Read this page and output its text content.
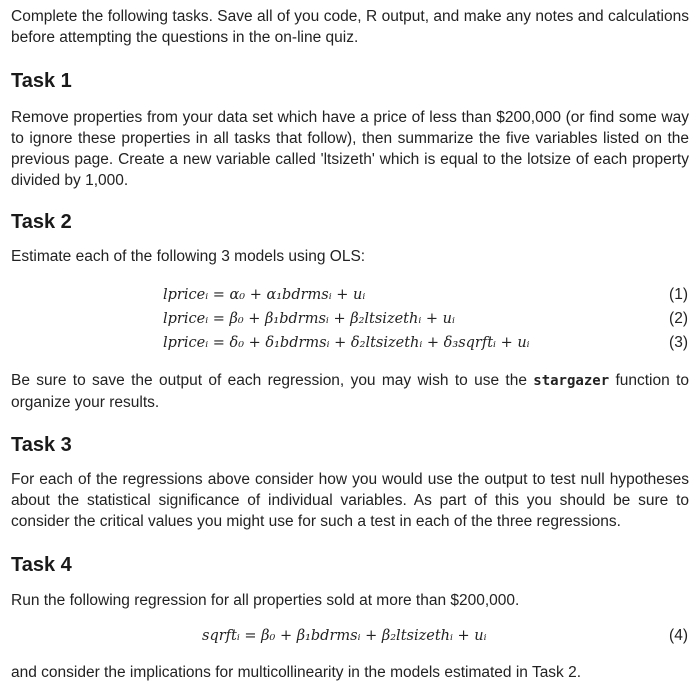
Complete the following tasks. Save all of you code, R output, and make any notes and calculations before attempting the questions in the on-line quiz.

Task 1

Remove properties from your data set which have a price of less than $200,000 (or find some way to ignore these properties in all tasks that follow), then summarize the five variables listed on the previous page. Create a new variable called 'ltsizeth' which is equal to the lotsize of each property divided by 1,000.

Task 2

Estimate each of the following 3 models using OLS:

lpriceᵢ = α₀ + α₁bdrmsᵢ + uᵢ	(1)
lpriceᵢ = β₀ + β₁bdrmsᵢ + β₂ltsizethᵢ + uᵢ	(2)
lpriceᵢ = δ₀ + δ₁bdrmsᵢ + δ₂ltsizethᵢ + δ₃sqrftᵢ + uᵢ	(3)

Be sure to save the output of each regression, you may wish to use the stargazer function to organize your results.

Task 3

For each of the regressions above consider how you would use the output to test null hypotheses about the statistical significance of individual variables. As part of this you should be sure to consider the critical values you might use for such a test in each of the three regressions.

Task 4

Run the following regression for all properties sold at more than $200,000.

sqrftᵢ = β₀ + β₁bdrmsᵢ + β₂ltsizethᵢ + uᵢ	(4)

and consider the implications for multicollinearity in the models estimated in Task 2.
